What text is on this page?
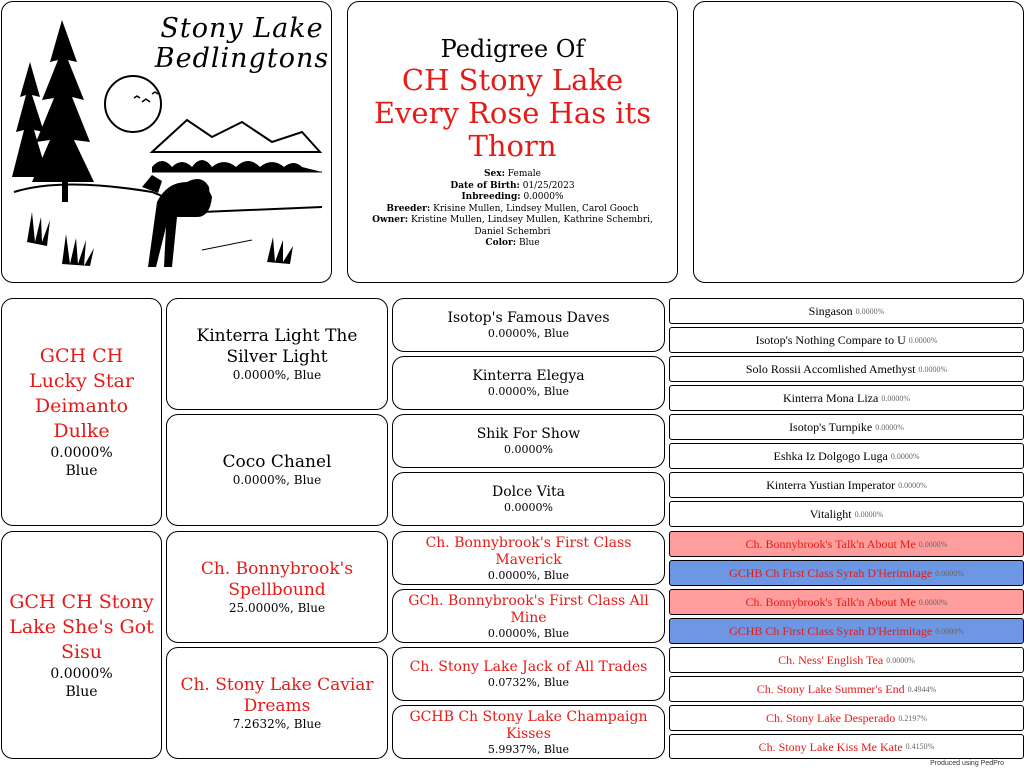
Stony Lake
Bedlingtons	Pedigree Of
CH Stony Lake Every Rose Has its Thorn
Sex: Female
Date of Birth: 01/25/2023
Inbreeding: 0.0000%
Breeder: Krisine Mullen, Lindsey Mullen, Carol Gooch
Owner: Kristine Mullen, Lindsey Mullen, Kathrine Schembri, Daniel Schembri
Color: Blue
GCH CH Lucky Star Deimanto Dulke
0.0000%
Blue
GCH CH Stony Lake She's Got Sisu
0.0000%
Blue
Kinterra Light The Silver Light
0.0000%, Blue
Coco Chanel
0.0000%, Blue
Ch. Bonnybrook's Spellbound
25.0000%, Blue
Ch. Stony Lake Caviar Dreams
7.2632%, Blue
Isotop's Famous Daves
0.0000%, Blue
Kinterra Elegya
0.0000%, Blue
Shik For Show
0.0000%
Dolce Vita
0.0000%
Ch. Bonnybrook's First Class Maverick
0.0000%, Blue
GCh. Bonnybrook's First Class All Mine
0.0000%, Blue
Ch. Stony Lake Jack of All Trades
0.0732%, Blue
GCHB Ch Stony Lake Champaign Kisses
5.9937%, Blue
Singason 0.0000%
Isotop's Nothing Compare to U 0.0000%
Solo Rossii Accomlished Amethyst 0.0000%
Kinterra Mona Liza 0.0000%
Isotop's Turnpike 0.0000%
Eshka Iz Dolgogo Luga 0.0000%
Kinterra Yustian Imperator 0.0000%
Vitalight 0.0000%
Ch. Bonnybrook's Talk'n About Me 0.0000%
GCHB Ch First Class Syrah D'Herimitage 0.0000%
Ch. Bonnybrook's Talk'n About Me 0.0000%
GCHB Ch First Class Syrah D'Herimitage 0.0000%
Ch. Ness' English Tea 0.0000%
Ch. Stony Lake Summer's End 0.4944%
Ch. Stony Lake Desperado 0.2197%
Ch. Stony Lake Kiss Me Kate 0.4150%
Produced using PedPro
